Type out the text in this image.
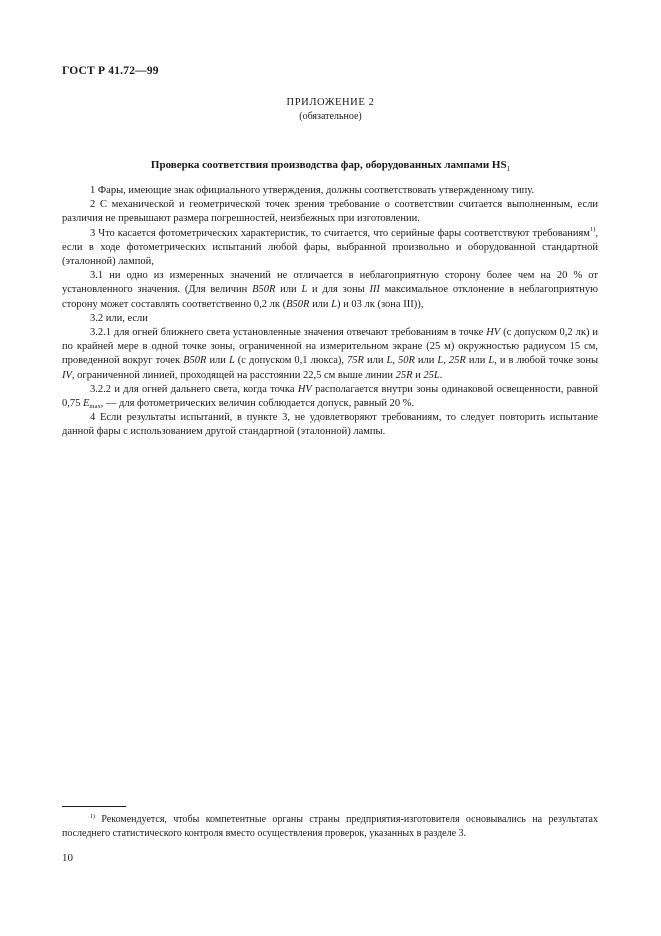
ГОСТ Р 41.72—99
ПРИЛОЖЕНИЕ 2
(обязательное)
Проверка соответствия производства фар, оборудованных лампами $HS_1$

1 Фары, имеющие знак официального утверждения, должны соответствовать утвержденному типу.

2 С механической и геометрической точек зрения требование о соответствии считается выполненным, если различия не превышают размера погрешностей, неизбежных при изготовлении.

3 Что касается фотометрических характеристик, то считается, что серийные фары соответствуют требованиям$^{1)}$, если в ходе фотометрических испытаний любой фары, выбранной произвольно и оборудованной стандартной (эталонной) лампой,

3.1 ни одно из измеренных значений не отличается в неблагоприятную сторону более чем на 20 % от установленного значения. (Для величин B50R или L и для зоны III максимальное отклонение в неблагоприятную сторону может составлять соответственно 0,2 лк (B50R или L) и 03 лк (зона III)),

3.2 или, если

3.2.1 для огней ближнего света установленные значения отвечают требованиям в точке HV (с допуском 0,2 лк) и по крайней мере в одной точке зоны, ограниченной на измерительном экране (25 м) окружностью радиусом 15 см, проведенной вокруг точек B50R или L (с допуском 0,1 люкса), 75R или L, 50R или L, 25R или L, и в любой точке зоны IV, ограниченной линией, проходящей на расстоянии 22,5 см выше линии 25R и 25L.

3.2.2 и для огней дальнего света, когда точка HV располагается внутри зоны одинаковой освещенности, равной 0,75 $E_{max}$, — для фотометрических величин соблюдается допуск, равный 20 %.

4 Если результаты испытаний, в пункте 3, не удовлетворяют требованиям, то следует повторить испытание данной фары с использованием другой стандартной (эталонной) лампы.

$^{1)}$ Рекомендуется, чтобы компетентные органы страны предприятия-изготовителя основывались на результатах последнего статистического контроля вместо осуществления проверок, указанных в разделе 3.

10
